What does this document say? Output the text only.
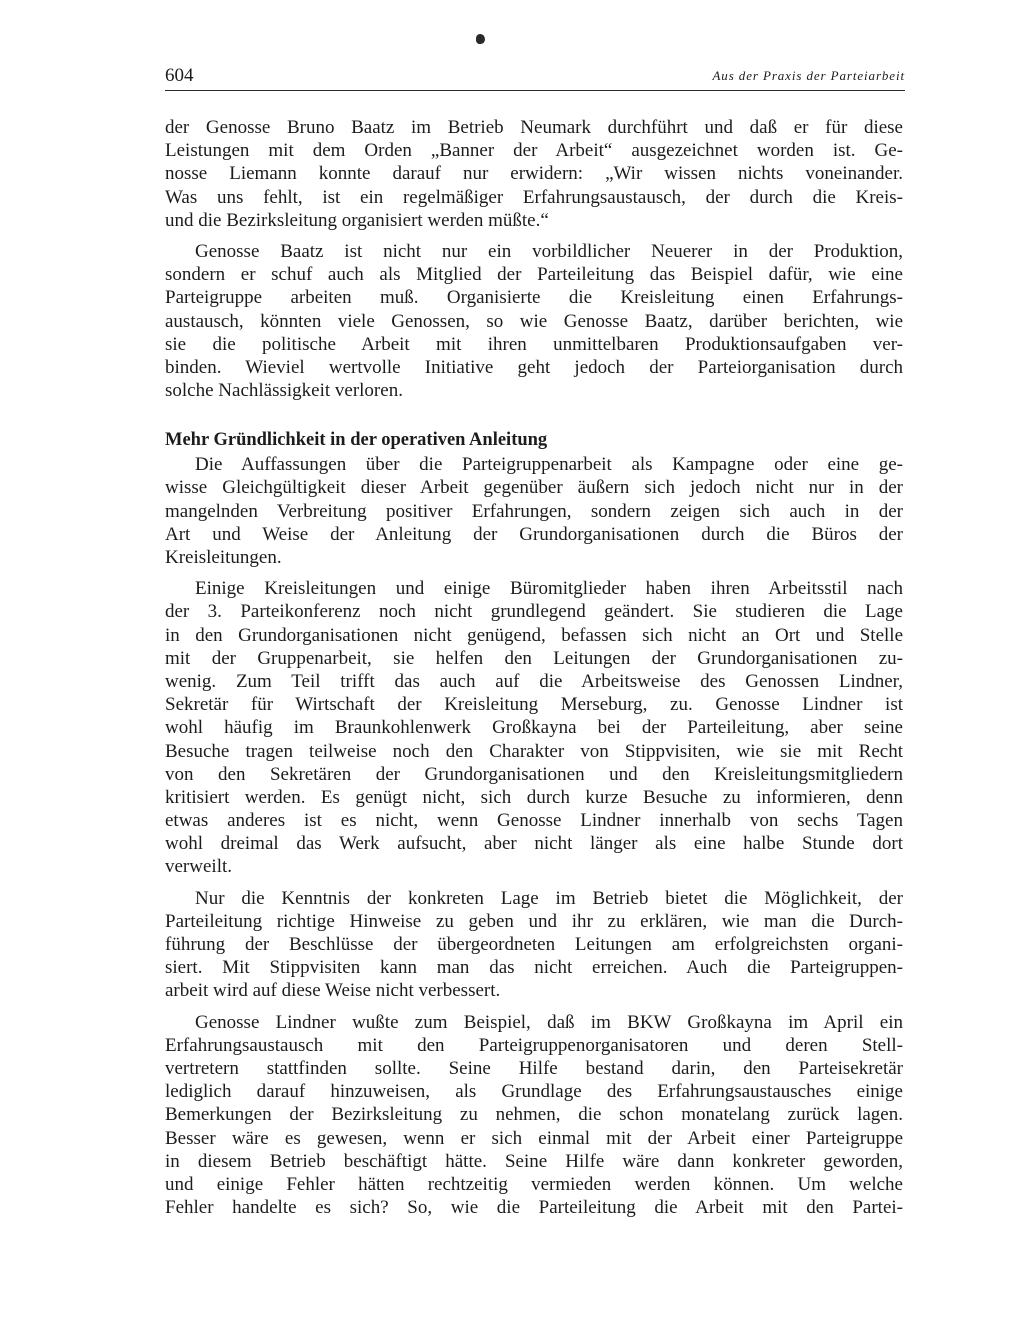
604	Aus der Praxis der Parteiarbeit
der Genosse Bruno Baatz im Betrieb Neumark durchführt und daß er für diese
Leistungen mit dem Orden „Banner der Arbeit“ ausgezeichnet worden ist. Ge-
nosse Liemann konnte darauf nur erwidern: „Wir wissen nichts voneinander.
Was uns fehlt, ist ein regelmäßiger Erfahrungsaustausch, der durch die Kreis-
und die Bezirksleitung organisiert werden müßte.“
Genosse Baatz ist nicht nur ein vorbildlicher Neuerer in der Produktion,
sondern er schuf auch als Mitglied der Parteileitung das Beispiel dafür, wie eine
Parteigruppe arbeiten muß. Organisierte die Kreisleitung einen Erfahrungs-
austausch, könnten viele Genossen, so wie Genosse Baatz, darüber berichten, wie
sie die politische Arbeit mit ihren unmittelbaren Produktionsaufgaben ver-
binden. Wieviel wertvolle Initiative geht jedoch der Parteiorganisation durch
solche Nachlässigkeit verloren.
Mehr Gründlichkeit in der operativen Anleitung
Die Auffassungen über die Parteigruppenarbeit als Kampagne oder eine ge-
wisse Gleichgültigkeit dieser Arbeit gegenüber äußern sich jedoch nicht nur in der
mangelnden Verbreitung positiver Erfahrungen, sondern zeigen sich auch in der
Art und Weise der Anleitung der Grundorganisationen durch die Büros der
Kreisleitungen.
Einige Kreisleitungen und einige Büromitglieder haben ihren Arbeitsstil nach
der 3. Parteikonferenz noch nicht grundlegend geändert. Sie studieren die Lage
in den Grundorganisationen nicht genügend, befassen sich nicht an Ort und Stelle
mit der Gruppenarbeit, sie helfen den Leitungen der Grundorganisationen zu-
wenig. Zum Teil trifft das auch auf die Arbeitsweise des Genossen Lindner,
Sekretär für Wirtschaft der Kreisleitung Merseburg, zu. Genosse Lindner ist
wohl häufig im Braunkohlenwerk Großkayna bei der Parteileitung, aber seine
Besuche tragen teilweise noch den Charakter von Stippvisiten, wie sie mit Recht
von den Sekretären der Grundorganisationen und den Kreisleitungsmitgliedern
kritisiert werden. Es genügt nicht, sich durch kurze Besuche zu informieren, denn
etwas anderes ist es nicht, wenn Genosse Lindner innerhalb von sechs Tagen
wohl dreimal das Werk aufsucht, aber nicht länger als eine halbe Stunde dort
verweilt.
Nur die Kenntnis der konkreten Lage im Betrieb bietet die Möglichkeit, der
Parteileitung richtige Hinweise zu geben und ihr zu erklären, wie man die Durch-
führung der Beschlüsse der übergeordneten Leitungen am erfolgreichsten organi-
siert. Mit Stippvisiten kann man das nicht erreichen. Auch die Parteigruppen-
arbeit wird auf diese Weise nicht verbessert.
Genosse Lindner wußte zum Beispiel, daß im BKW Großkayna im April ein
Erfahrungsaustausch mit den Parteigruppenorganisatoren und deren Stell-
vertretern stattfinden sollte. Seine Hilfe bestand darin, den Parteisekretär
lediglich darauf hinzuweisen, als Grundlage des Erfahrungsaustausches einige
Bemerkungen der Bezirksleitung zu nehmen, die schon monatelang zurück lagen.
Besser wäre es gewesen, wenn er sich einmal mit der Arbeit einer Parteigruppe
in diesem Betrieb beschäftigt hätte. Seine Hilfe wäre dann konkreter geworden,
und einige Fehler hätten rechtzeitig vermieden werden können. Um welche
Fehler handelte es sich? So, wie die Parteileitung die Arbeit mit den Partei-
